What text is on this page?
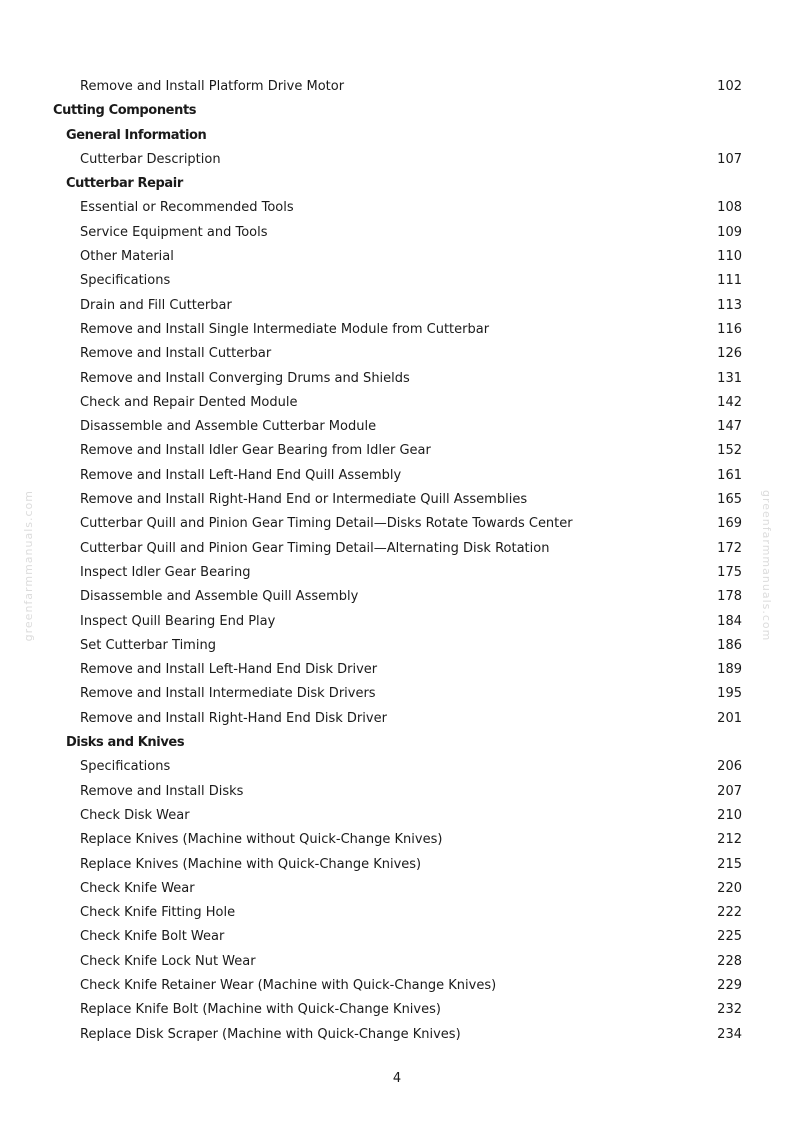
Remove and Install Platform Drive Motor	102
Cutting Components
General Information
Cutterbar Description	107
Cutterbar Repair
Essential or Recommended Tools	108
Service Equipment and Tools	109
Other Material	110
Specifications	111
Drain and Fill Cutterbar	113
Remove and Install Single Intermediate Module from Cutterbar	116
Remove and Install Cutterbar	126
Remove and Install Converging Drums and Shields	131
Check and Repair Dented Module	142
Disassemble and Assemble Cutterbar Module	147
Remove and Install Idler Gear Bearing from Idler Gear	152
Remove and Install Left-Hand End Quill Assembly	161
Remove and Install Right-Hand End or Intermediate Quill Assemblies	165
Cutterbar Quill and Pinion Gear Timing Detail—Disks Rotate Towards Center	169
Cutterbar Quill and Pinion Gear Timing Detail—Alternating Disk Rotation	172
Inspect Idler Gear Bearing	175
Disassemble and Assemble Quill Assembly	178
Inspect Quill Bearing End Play	184
Set Cutterbar Timing	186
Remove and Install Left-Hand End Disk Driver	189
Remove and Install Intermediate Disk Drivers	195
Remove and Install Right-Hand End Disk Driver	201
Disks and Knives
Specifications	206
Remove and Install Disks	207
Check Disk Wear	210
Replace Knives (Machine without Quick-Change Knives)	212
Replace Knives (Machine with Quick-Change Knives)	215
Check Knife Wear	220
Check Knife Fitting Hole	222
Check Knife Bolt Wear	225
Check Knife Lock Nut Wear	228
Check Knife Retainer Wear (Machine with Quick-Change Knives)	229
Replace Knife Bolt (Machine with Quick-Change Knives)	232
Replace Disk Scraper (Machine with Quick-Change Knives)	234
4
greenfarmmanuals.com	greenfarmmanuals.com
